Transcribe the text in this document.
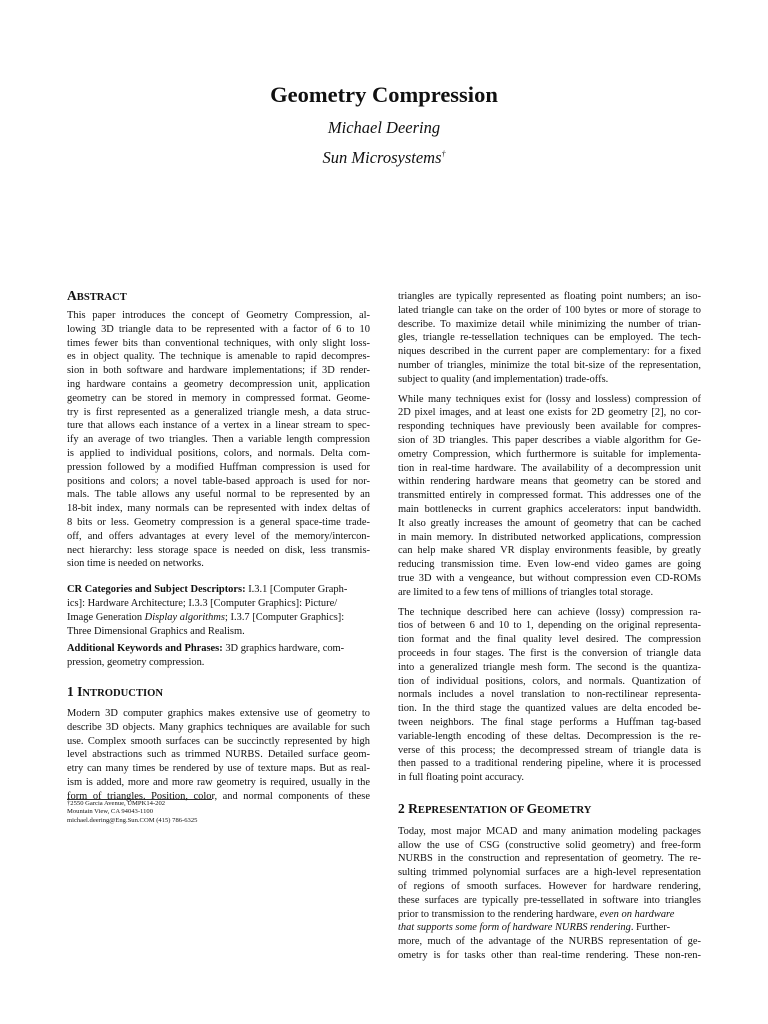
Geometry Compression
Michael Deering
Sun Microsystems†
ABSTRACT
This paper introduces the concept of Geometry Compression, al-
lowing 3D triangle data to be represented with a factor of 6 to 10
times fewer bits than conventional techniques, with only slight loss-
es in object quality. The technique is amenable to rapid decompres-
sion in both software and hardware implementations; if 3D render-
ing hardware contains a geometry decompression unit, application
geometry can be stored in memory in compressed format. Geome-
try is first represented as a generalized triangle mesh, a data struc-
ture that allows each instance of a vertex in a linear stream to spec-
ify an average of two triangles. Then a variable length compression
is applied to individual positions, colors, and normals. Delta com-
pression followed by a modified Huffman compression is used for
positions and colors; a novel table-based approach is used for nor-
mals. The table allows any useful normal to be represented by an
18-bit index, many normals can be represented with index deltas of
8 bits or less. Geometry compression is a general space-time trade-
off, and offers advantages at every level of the memory/intercon-
nect hierarchy: less storage space is needed on disk, less transmis-
sion time is needed on networks.
CR Categories and Subject Descriptors: I.3.1 [Computer Graph-
ics]: Hardware Architecture; I.3.3 [Computer Graphics]: Picture/
Image Generation Display algorithms; I.3.7 [Computer Graphics]:
Three Dimensional Graphics and Realism.
Additional Keywords and Phrases: 3D graphics hardware, com-
pression, geometry compression.
1 INTRODUCTION
Modern 3D computer graphics makes extensive use of geometry to
describe 3D objects. Many graphics techniques are available for such
use. Complex smooth surfaces can be succinctly represented by high
level abstractions such as trimmed NURBS. Detailed surface geom-
etry can many times be rendered by use of texture maps. But as real-
ism is added, more and more raw geometry is required, usually in the
form of triangles. Position, color, and normal components of these
†2550 Garcia Avenue, UMPK14-202
Mountain View, CA 94043-1100
michael.deering@Eng.Sun.COM (415) 786-6325
triangles are typically represented as floating point numbers; an iso-
lated triangle can take on the order of 100 bytes or more of storage to
describe. To maximize detail while minimizing the number of trian-
gles, triangle re-tessellation techniques can be employed. The tech-
niques described in the current paper are complementary: for a fixed
number of triangles, minimize the total bit-size of the representation,
subject to quality (and implementation) trade-offs.
While many techniques exist for (lossy and lossless) compression of
2D pixel images, and at least one exists for 2D geometry [2], no cor-
responding techniques have previously been available for compres-
sion of 3D triangles. This paper describes a viable algorithm for Ge-
ometry Compression, which furthermore is suitable for implementa-
tion in real-time hardware. The availability of a decompression unit
within rendering hardware means that geometry can be stored and
transmitted entirely in compressed format. This addresses one of the
main bottlenecks in current graphics accelerators: input bandwidth.
It also greatly increases the amount of geometry that can be cached
in main memory. In distributed networked applications, compression
can help make shared VR display environments feasible, by greatly
reducing transmission time. Even low-end video games are going
true 3D with a vengeance, but without compression even CD-ROMs
are limited to a few tens of millions of triangles total storage.
The technique described here can achieve (lossy) compression ra-
tios of between 6 and 10 to 1, depending on the original representa-
tion format and the final quality level desired. The compression
proceeds in four stages. The first is the conversion of triangle data
into a generalized triangle mesh form. The second is the quantiza-
tion of individual positions, colors, and normals. Quantization of
normals includes a novel translation to non-rectilinear representa-
tion. In the third stage the quantized values are delta encoded be-
tween neighbors. The final stage performs a Huffman tag-based
variable-length encoding of these deltas. Decompression is the re-
verse of this process; the decompressed stream of triangle data is
then passed to a traditional rendering pipeline, where it is processed
in full floating point accuracy.
2 REPRESENTATION OF GEOMETRY
Today, most major MCAD and many animation modeling packages
allow the use of CSG (constructive solid geometry) and free-form
NURBS in the construction and representation of geometry. The re-
sulting trimmed polynomial surfaces are a high-level representation
of regions of smooth surfaces. However for hardware rendering,
these surfaces are typically pre-tessellated in software into triangles
prior to transmission to the rendering hardware, even on hardware
that supports some form of hardware NURBS rendering. Further-
more, much of the advantage of the NURBS representation of ge-
ometry is for tasks other than real-time rendering. These non-ren-
